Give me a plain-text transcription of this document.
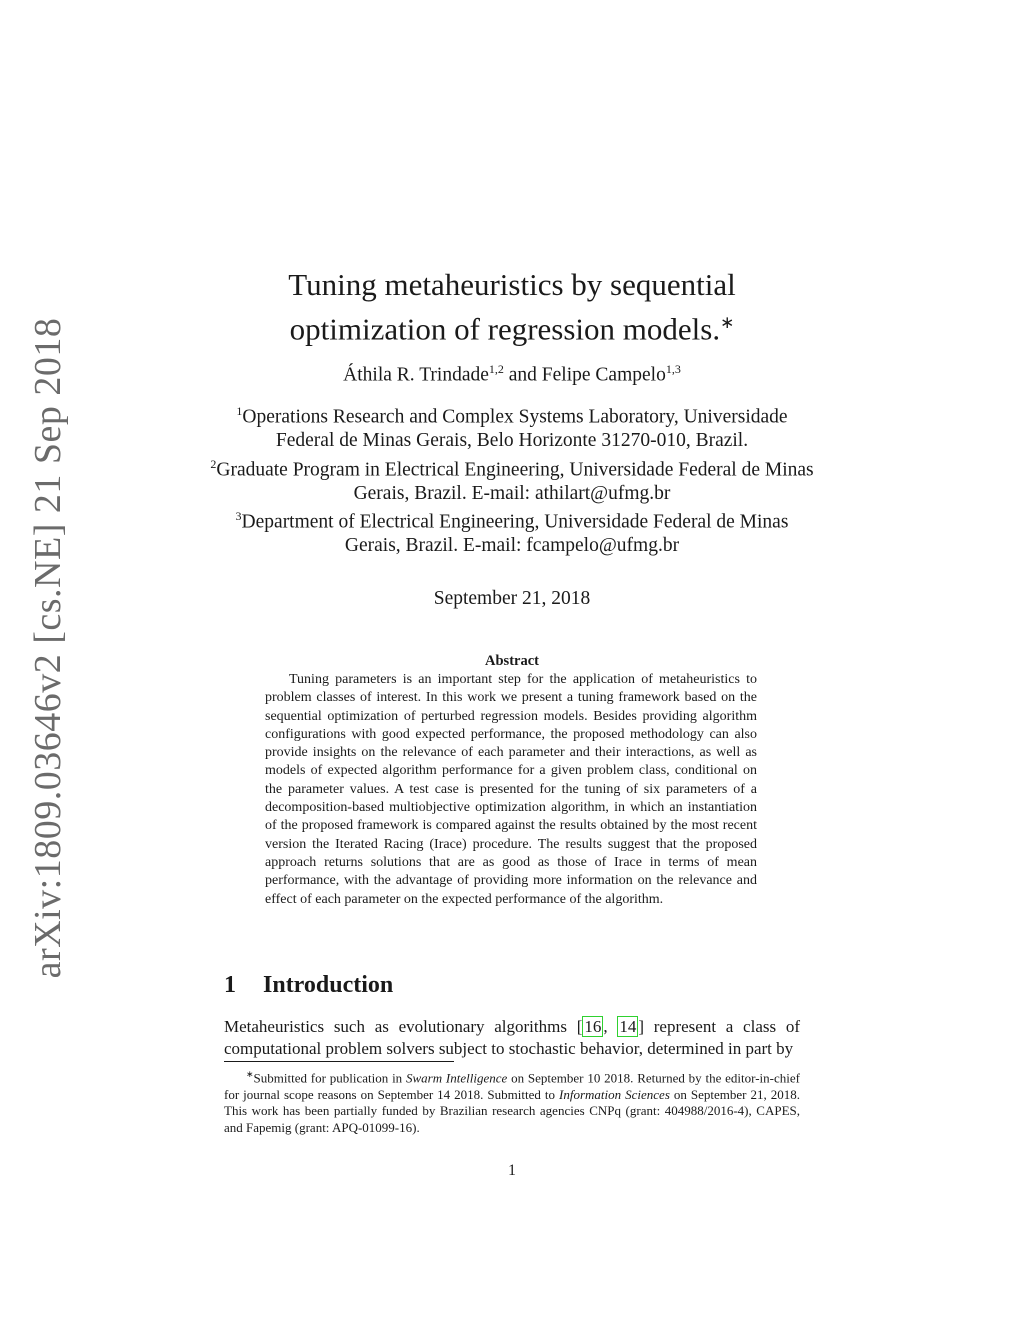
arXiv:1809.03646v2 [cs.NE] 21 Sep 2018
Tuning metaheuristics by sequential
optimization of regression models.∗
Áthila R. Trindade$^{1,2}$ and Felipe Campelo$^{1,3}$
$^1$Operations Research and Complex Systems Laboratory, Universidade Federal de Minas Gerais, Belo Horizonte 31270-010, Brazil.
$^2$Graduate Program in Electrical Engineering, Universidade Federal de Minas Gerais, Brazil. E-mail: athilart@ufmg.br
$^3$Department of Electrical Engineering, Universidade Federal de Minas Gerais, Brazil. E-mail: fcampelo@ufmg.br
September 21, 2018
Abstract
Tuning parameters is an important step for the application of metaheuristics to problem classes of interest. In this work we present a tuning framework based on the sequential optimization of perturbed regression models. Besides providing algorithm configurations with good expected performance, the proposed methodology can also provide insights on the relevance of each parameter and their interactions, as well as models of expected algorithm performance for a given problem class, conditional on the parameter values. A test case is presented for the tuning of six parameters of a decomposition-based multiobjective optimization algorithm, in which an instantiation of the proposed framework is compared against the results obtained by the most recent version the Iterated Racing (Irace) procedure. The results suggest that the proposed approach returns solutions that are as good as those of Irace in terms of mean performance, with the advantage of providing more information on the relevance and effect of each parameter on the expected performance of the algorithm.
1 Introduction
Metaheuristics such as evolutionary algorithms [ 16 , 14 ] represent a class of computational problem solvers subject to stochastic behavior, determined in part by
∗Submitted for publication in Swarm Intelligence on September 10 2018. Returned by the editor-in-chief for journal scope reasons on September 14 2018. Submitted to Information Sciences on September 21, 2018. This work has been partially funded by Brazilian research agencies CNPq (grant: 404988/2016-4), CAPES, and Fapemig (grant: APQ-01099-16).
1
